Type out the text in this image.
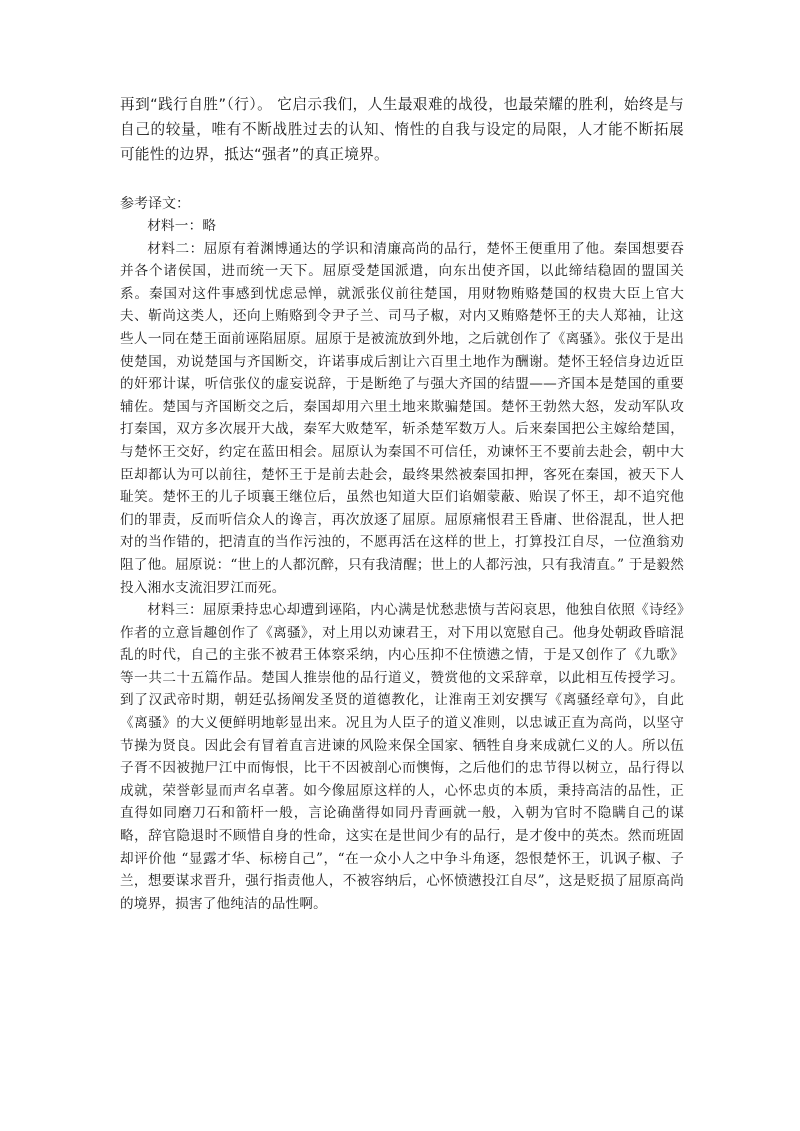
再到“践行自胜”（行）。 它启示我们，人生最艰难的战役，也最荣耀的胜利，始终是与自己的较量，唯有不断战胜过去的认知、惰性的自我与设定的局限，人才能不断拓展可能性的边界，抵达“强者”的真正境界。

参考译文：

材料一：略

材料二：屈原有着渊博通达的学识和清廉高尚的品行，楚怀王便重用了他。秦国想要吞并各个诸侯国，进而统一天下。屈原受楚国派遣，向东出使齐国，以此缔结稳固的盟国关系。秦国对这件事感到忧虑忌惮，就派张仪前往楚国，用财物贿赂楚国的权贵大臣上官大夫、靳尚这类人，还向上贿赂到令尹子兰、司马子椒，对内又贿赂楚怀王的夫人郑袖，让这些人一同在楚王面前诬陷屈原。屈原于是被流放到外地，之后就创作了《离骚》。张仪于是出使楚国，劝说楚国与齐国断交，许诺事成后割让六百里土地作为酬谢。楚怀王轻信身边近臣的奸邪计谋，听信张仪的虚妄说辞，于是断绝了与强大齐国的结盟——齐国本是楚国的重要辅佐。楚国与齐国断交之后，秦国却用六里土地来欺骗楚国。楚怀王勃然大怒，发动军队攻打秦国，双方多次展开大战，秦军大败楚军，斩杀楚军数万人。后来秦国把公主嫁给楚国，与楚怀王交好，约定在蓝田相会。屈原认为秦国不可信任，劝谏怀王不要前去赴会，朝中大臣却都认为可以前往，楚怀王于是前去赴会，最终果然被秦国扣押，客死在秦国，被天下人耻笑。楚怀王的儿子顷襄王继位后，虽然也知道大臣们谄媚蒙蔽、贻误了怀王，却不追究他们的罪责，反而听信众人的谗言，再次放逐了屈原。屈原痛恨君王昏庸、世俗混乱，世人把对的当作错的，把清直的当作污浊的，不愿再活在这样的世上，打算投江自尽，一位渔翁劝阻了他。屈原说：“世上的人都沉醉，只有我清醒；世上的人都污浊，只有我清直。” 于是毅然投入湘水支流汨罗江而死。

材料三：屈原秉持忠心却遭到诬陷，内心满是忧愁悲愤与苦闷哀思，他独自依照《诗经》作者的立意旨趣创作了《离骚》，对上用以劝谏君王，对下用以宽慰自己。他身处朝政昏暗混乱的时代，自己的主张不被君王体察采纳，内心压抑不住愤懑之情，于是又创作了《九歌》等一共二十五篇作品。楚国人推崇他的品行道义，赞赏他的文采辞章，以此相互传授学习。到了汉武帝时期，朝廷弘扬阐发圣贤的道德教化，让淮南王刘安撰写《离骚经章句》，自此《离骚》的大义便鲜明地彰显出来。况且为人臣子的道义准则，以忠诚正直为高尚，以坚守节操为贤良。因此会有冒着直言进谏的风险来保全国家、牺牲自身来成就仁义的人。所以伍子胥不因被抛尸江中而悔恨，比干不因被剖心而懊悔，之后他们的忠节得以树立，品行得以成就，荣誉彰显而声名卓著。如今像屈原这样的人，心怀忠贞的本质，秉持高洁的品性，正直得如同磨刀石和箭杆一般，言论确凿得如同丹青画就一般，入朝为官时不隐瞒自己的谋略，辞官隐退时不顾惜自身的性命，这实在是世间少有的品行，是才俊中的英杰。然而班固却评价他 “显露才华、标榜自己”，“在一众小人之中争斗角逐，怨恨楚怀王，讥讽子椒、子兰，想要谋求晋升，强行指责他人，不被容纳后，心怀愤懑投江自尽”，这是贬损了屈原高尚的境界，损害了他纯洁的品性啊。
